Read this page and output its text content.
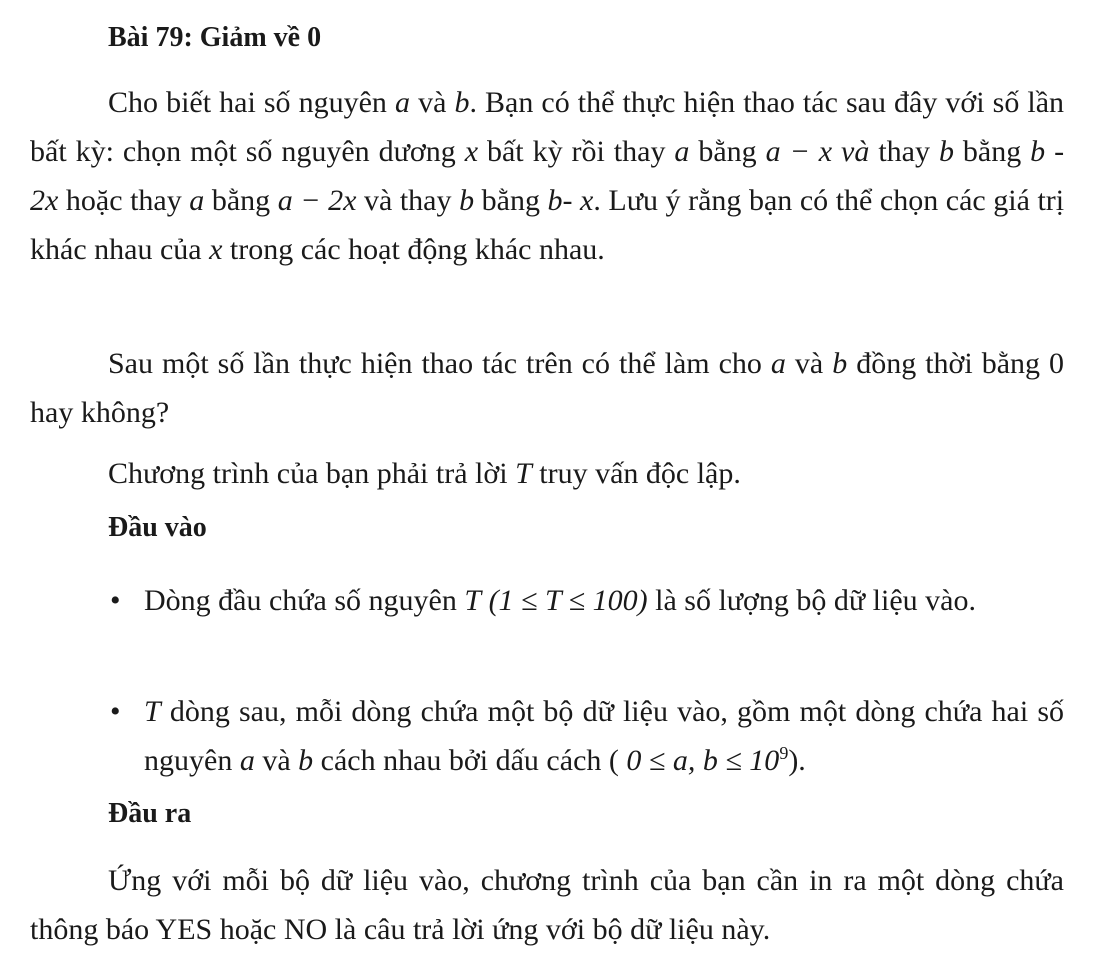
Bài 79: Giảm về 0

Cho biết hai số nguyên a và b. Bạn có thể thực hiện thao tác sau đây với số lần bất kỳ: chọn một số nguyên dương x bất kỳ rồi thay a bằng a − x và thay b bằng b - 2x hoặc thay a bằng a − 2x và thay b bằng b- x. Lưu ý rằng bạn có thể chọn các giá trị khác nhau của x trong các hoạt động khác nhau.

Sau một số lần thực hiện thao tác trên có thể làm cho a và b đồng thời bằng 0 hay không?

Chương trình của bạn phải trả lời T truy vấn độc lập.

Đầu vào

• Dòng đầu chứa số nguyên T (1 ≤ T ≤ 100) là số lượng bộ dữ liệu vào.

• T dòng sau, mỗi dòng chứa một bộ dữ liệu vào, gồm một dòng chứa hai số nguyên a và b cách nhau bởi dấu cách ( 0 ≤ a, $b \le 10^9$).

Đầu ra

Ứng với mỗi bộ dữ liệu vào, chương trình của bạn cần in ra một dòng chứa thông báo YES hoặc NO là câu trả lời ứng với bộ dữ liệu này.
